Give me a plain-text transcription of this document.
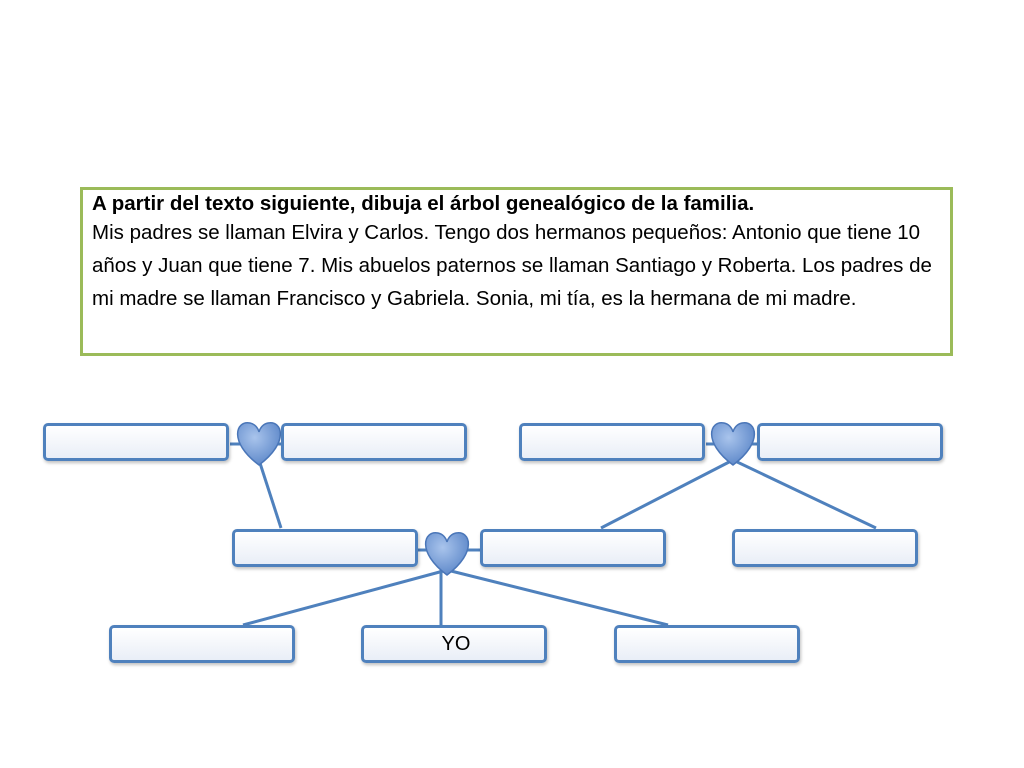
A partir del texto siguiente, dibuja el árbol genealógico de la familia.
Mis padres se llaman Elvira y Carlos. Tengo dos hermanos pequeños: Antonio que tiene 10 años y Juan que tiene 7. Mis abuelos paternos se llaman Santiago y Roberta. Los padres de mi madre se llaman Francisco y Gabriela. Sonia, mi tía, es la hermana de mi madre.
YO
